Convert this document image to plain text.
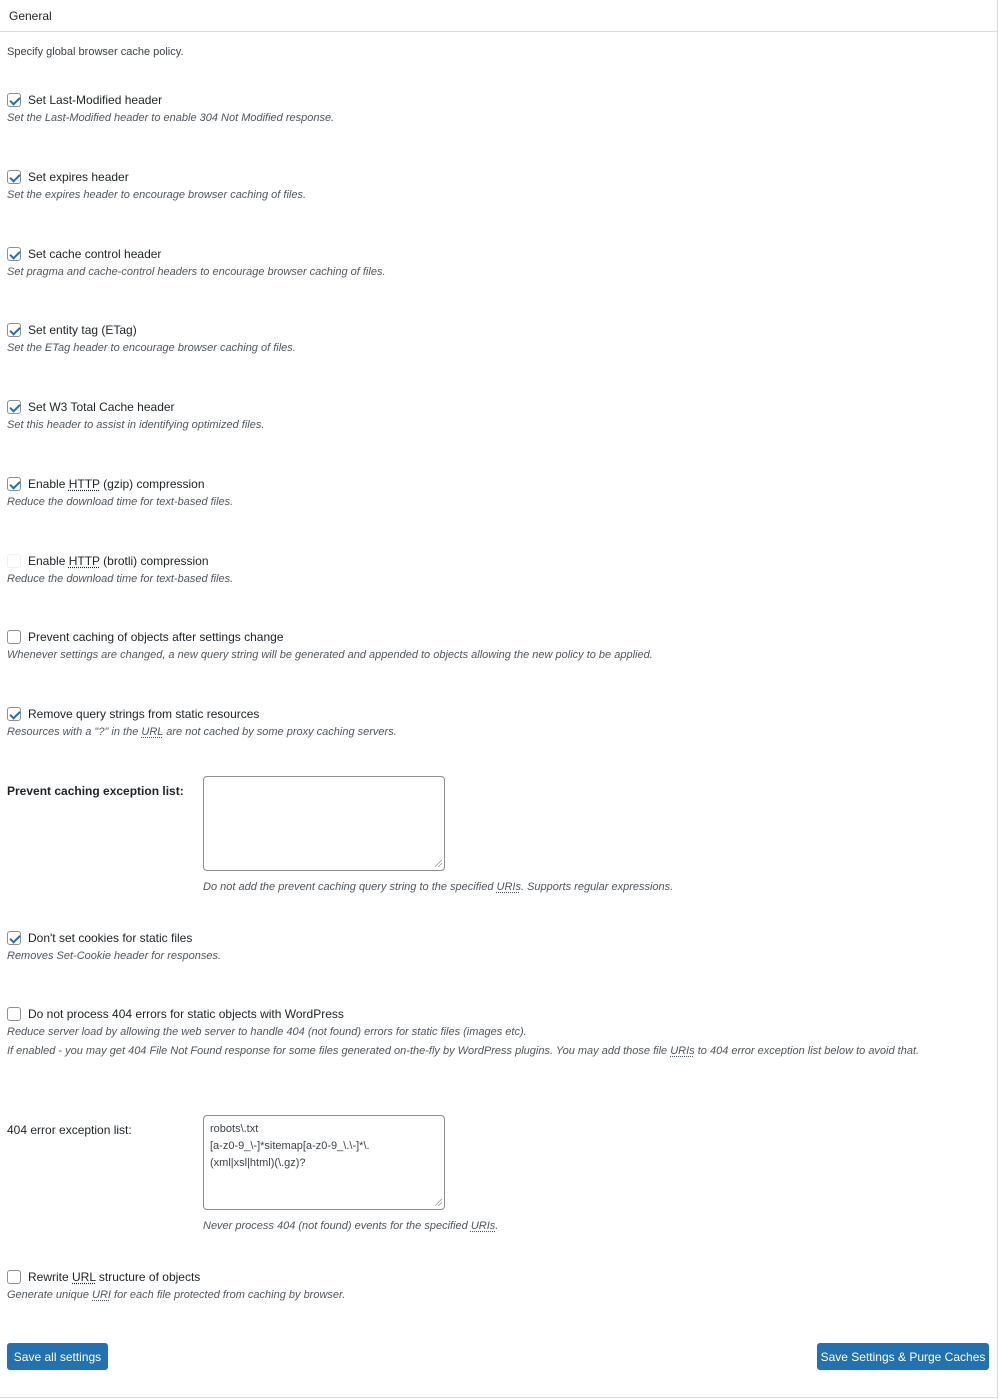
General
Specify global browser cache policy.
Set Last-Modified header
Set the Last-Modified header to enable 304 Not Modified response.
Set expires header
Set the expires header to encourage browser caching of files.
Set cache control header
Set pragma and cache-control headers to encourage browser caching of files.
Set entity tag (ETag)
Set the ETag header to encourage browser caching of files.
Set W3 Total Cache header
Set this header to assist in identifying optimized files.
Enable HTTP (gzip) compression
Reduce the download time for text-based files.
Enable HTTP (brotli) compression
Reduce the download time for text-based files.
Prevent caching of objects after settings change
Whenever settings are changed, a new query string will be generated and appended to objects allowing the new policy to be applied.
Remove query strings from static resources
Resources with a "?" in the URL are not cached by some proxy caching servers.
Prevent caching exception list:
Do not add the prevent caching query string to the specified URIs. Supports regular expressions.
Don't set cookies for static files
Removes Set-Cookie header for responses.
Do not process 404 errors for static objects with WordPress
Reduce server load by allowing the web server to handle 404 (not found) errors for static files (images etc).
If enabled - you may get 404 File Not Found response for some files generated on-the-fly by WordPress plugins. You may add those file URIs to 404 error exception list below to avoid that.
404 error exception list:	robots\.txt
[a-z0-9_\-]*sitemap[a-z0-9_\.\-]*\.
(xml|xsl|html)(\.gz)?
Never process 404 (not found) events for the specified URIs.
Rewrite URL structure of objects
Generate unique URI for each file protected from caching by browser.
Save all settings	Save Settings & Purge Caches
